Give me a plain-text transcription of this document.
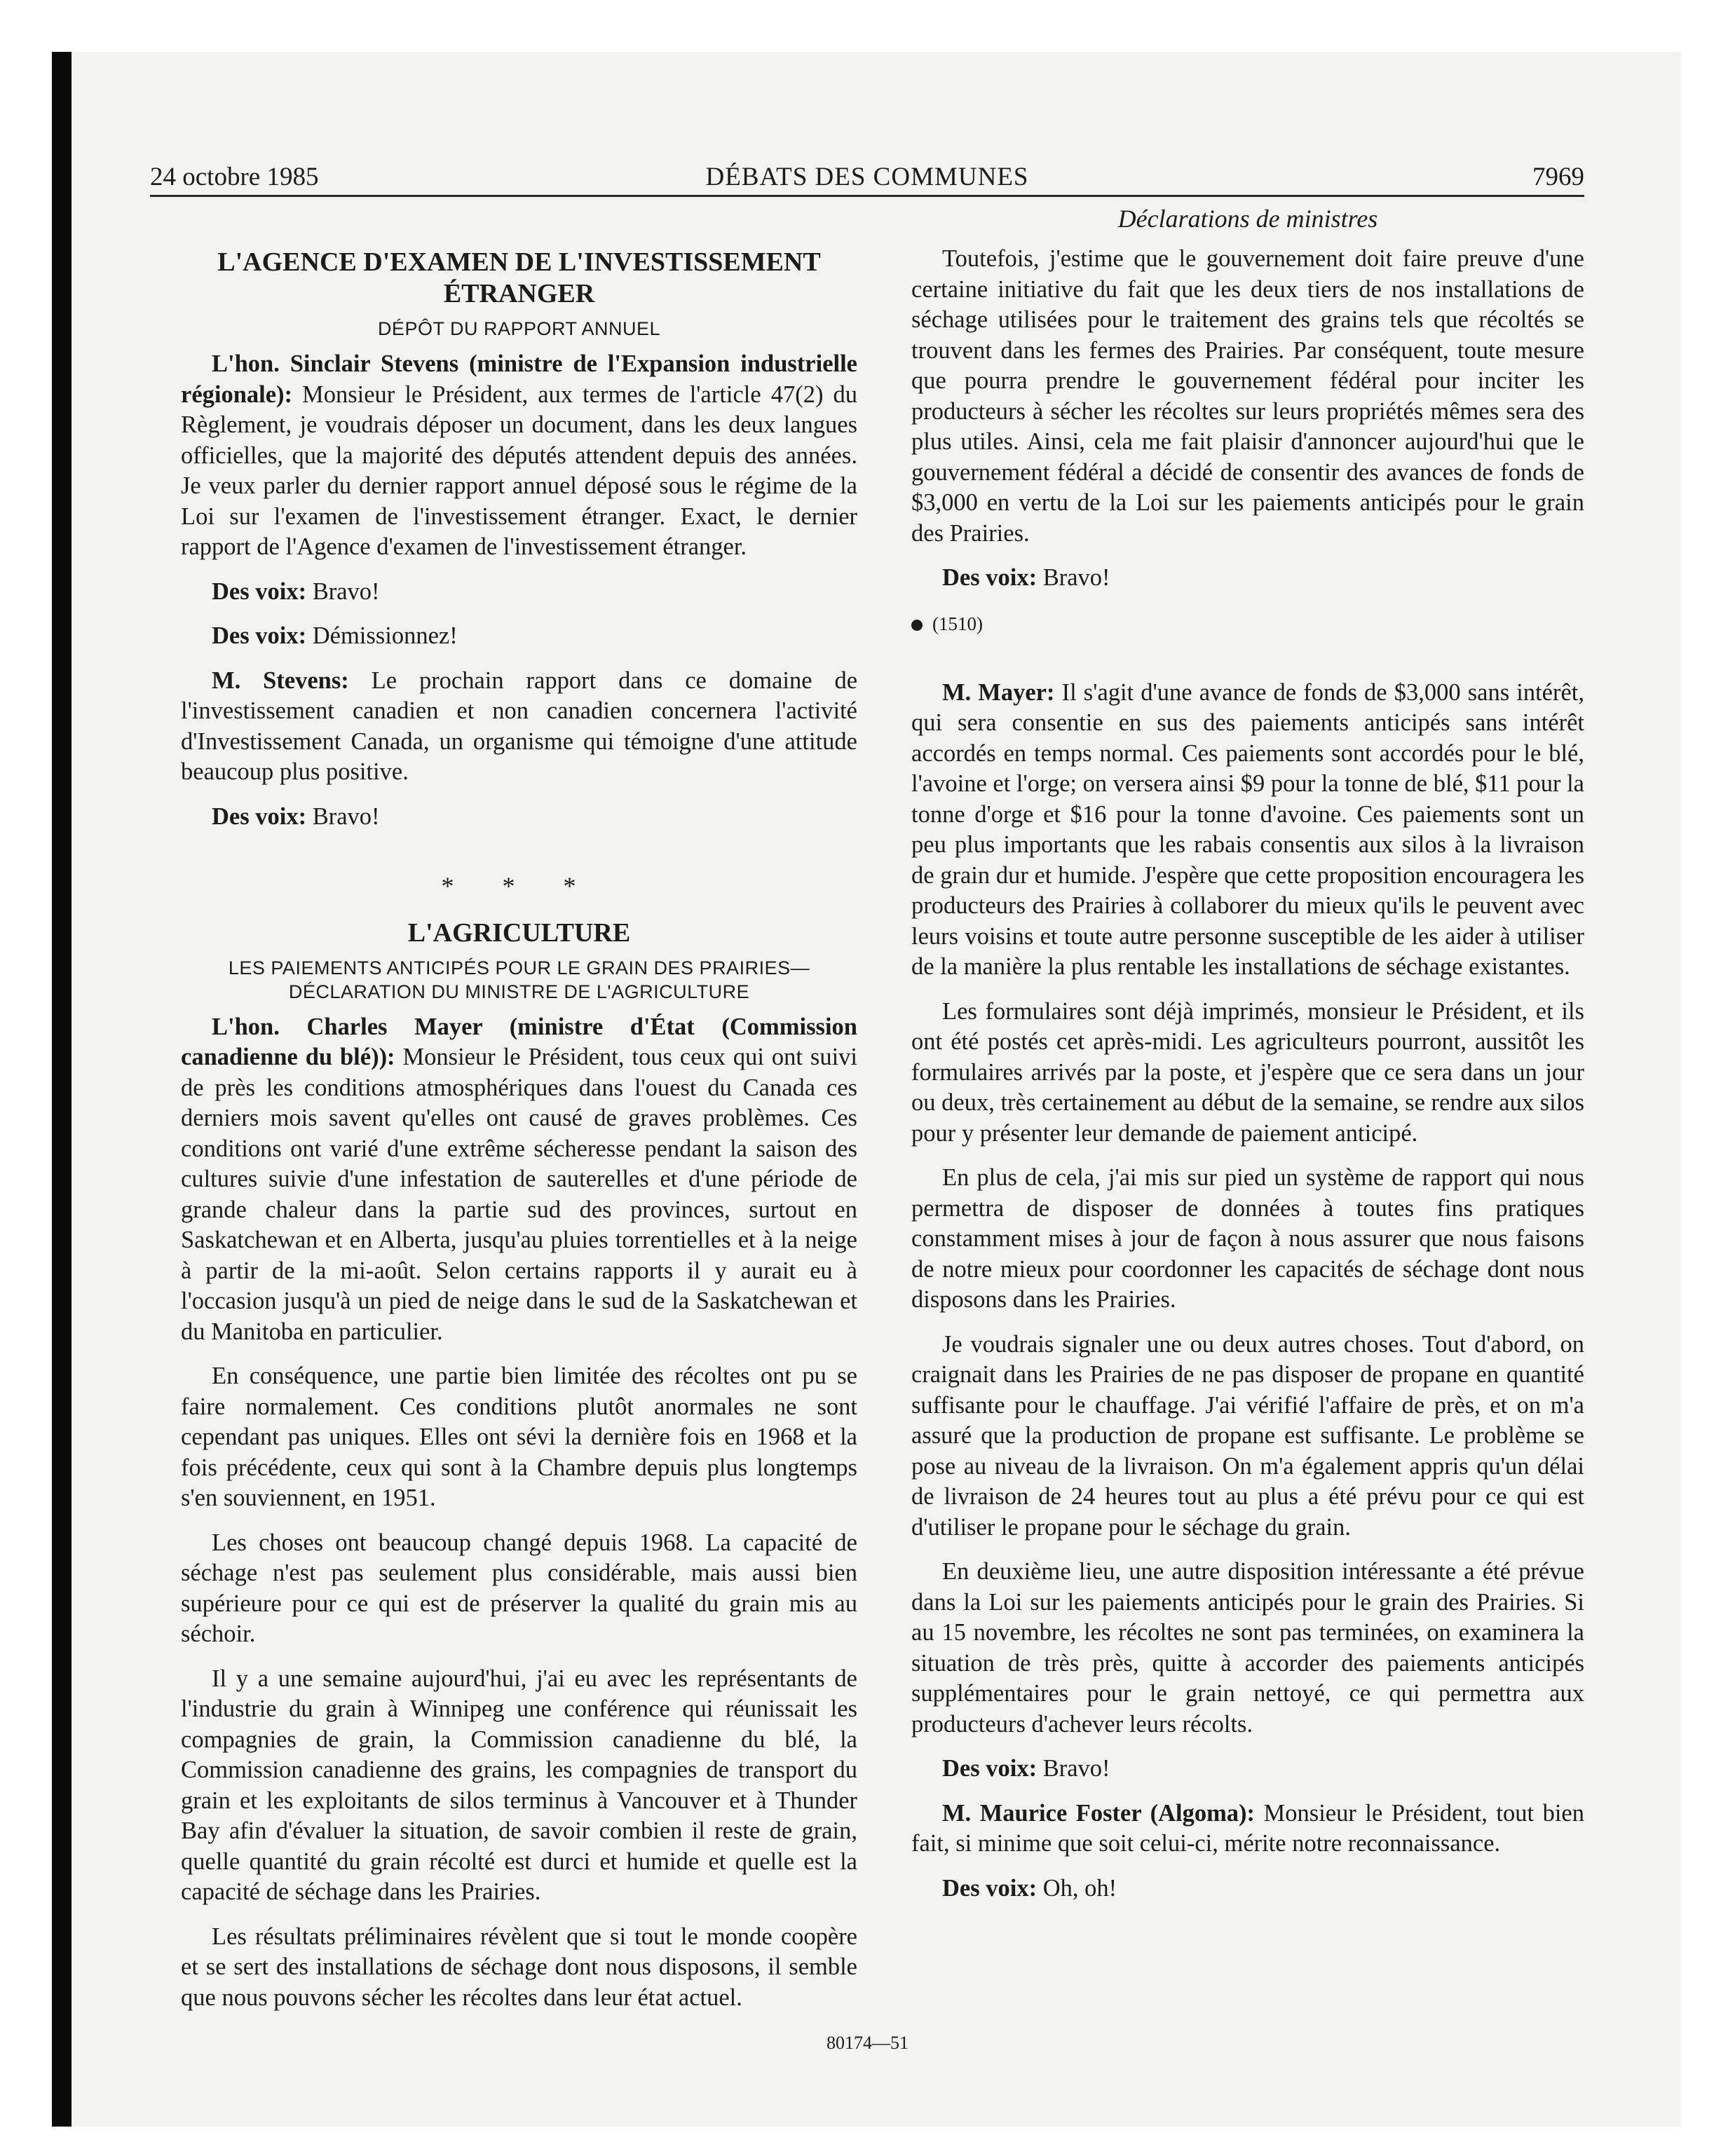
24 octobre 1985	DÉBATS DES COMMUNES	7969
L'AGENCE D'EXAMEN DE L'INVESTISSEMENT ÉTRANGER
DÉPÔT DU RAPPORT ANNUEL

L'hon. Sinclair Stevens (ministre de l'Expansion industrielle régionale): Monsieur le Président, aux termes de l'article 47(2) du Règlement, je voudrais déposer un document, dans les deux langues officielles, que la majorité des députés attendent depuis des années. Je veux parler du dernier rapport annuel déposé sous le régime de la Loi sur l'examen de l'investissement étranger. Exact, le dernier rapport de l'Agence d'examen de l'investissement étranger.

Des voix: Bravo!

Des voix: Démissionnez!

M. Stevens: Le prochain rapport dans ce domaine de l'investissement canadien et non canadien concernera l'activité d'Investissement Canada, un organisme qui témoigne d'une attitude beaucoup plus positive.

Des voix: Bravo!

* * *
L'AGRICULTURE
LES PAIEMENTS ANTICIPÉS POUR LE GRAIN DES PRAIRIES—
DÉCLARATION DU MINISTRE DE L'AGRICULTURE

L'hon. Charles Mayer (ministre d'État (Commission canadienne du blé)): Monsieur le Président, tous ceux qui ont suivi de près les conditions atmosphériques dans l'ouest du Canada ces derniers mois savent qu'elles ont causé de graves problèmes. Ces conditions ont varié d'une extrême sécheresse pendant la saison des cultures suivie d'une infestation de sauterelles et d'une période de grande chaleur dans la partie sud des provinces, surtout en Saskatchewan et en Alberta, jusqu'au pluies torrentielles et à la neige à partir de la mi-août. Selon certains rapports il y aurait eu à l'occasion jusqu'à un pied de neige dans le sud de la Saskatchewan et du Manitoba en particulier.

En conséquence, une partie bien limitée des récoltes ont pu se faire normalement. Ces conditions plutôt anormales ne sont cependant pas uniques. Elles ont sévi la dernière fois en 1968 et la fois précédente, ceux qui sont à la Chambre depuis plus longtemps s'en souviennent, en 1951.

Les choses ont beaucoup changé depuis 1968. La capacité de séchage n'est pas seulement plus considérable, mais aussi bien supérieure pour ce qui est de préserver la qualité du grain mis au séchoir.

Il y a une semaine aujourd'hui, j'ai eu avec les représentants de l'industrie du grain à Winnipeg une conférence qui réunissait les compagnies de grain, la Commission canadienne du blé, la Commission canadienne des grains, les compagnies de transport du grain et les exploitants de silos terminus à Vancouver et à Thunder Bay afin d'évaluer la situation, de savoir combien il reste de grain, quelle quantité du grain récolté est durci et humide et quelle est la capacité de séchage dans les Prairies.

Les résultats préliminaires révèlent que si tout le monde coopère et se sert des installations de séchage dont nous disposons, il semble que nous pouvons sécher les récoltes dans leur état actuel.

Déclarations de ministres

Toutefois, j'estime que le gouvernement doit faire preuve d'une certaine initiative du fait que les deux tiers de nos installations de séchage utilisées pour le traitement des grains tels que récoltés se trouvent dans les fermes des Prairies. Par conséquent, toute mesure que pourra prendre le gouvernement fédéral pour inciter les producteurs à sécher les récoltes sur leurs propriétés mêmes sera des plus utiles. Ainsi, cela me fait plaisir d'annoncer aujourd'hui que le gouvernement fédéral a décidé de consentir des avances de fonds de $3,000 en vertu de la Loi sur les paiements anticipés pour le grain des Prairies.

Des voix: Bravo!

(1510)

M. Mayer: Il s'agit d'une avance de fonds de $3,000 sans intérêt, qui sera consentie en sus des paiements anticipés sans intérêt accordés en temps normal. Ces paiements sont accordés pour le blé, l'avoine et l'orge; on versera ainsi $9 pour la tonne de blé, $11 pour la tonne d'orge et $16 pour la tonne d'avoine. Ces paiements sont un peu plus importants que les rabais consentis aux silos à la livraison de grain dur et humide. J'espère que cette proposition encouragera les producteurs des Prairies à collaborer du mieux qu'ils le peuvent avec leurs voisins et toute autre personne susceptible de les aider à utiliser de la manière la plus rentable les installations de séchage existantes.

Les formulaires sont déjà imprimés, monsieur le Président, et ils ont été postés cet après-midi. Les agriculteurs pourront, aussitôt les formulaires arrivés par la poste, et j'espère que ce sera dans un jour ou deux, très certainement au début de la semaine, se rendre aux silos pour y présenter leur demande de paiement anticipé.

En plus de cela, j'ai mis sur pied un système de rapport qui nous permettra de disposer de données à toutes fins pratiques constamment mises à jour de façon à nous assurer que nous faisons de notre mieux pour coordonner les capacités de séchage dont nous disposons dans les Prairies.

Je voudrais signaler une ou deux autres choses. Tout d'abord, on craignait dans les Prairies de ne pas disposer de propane en quantité suffisante pour le chauffage. J'ai vérifié l'affaire de près, et on m'a assuré que la production de propane est suffisante. Le problème se pose au niveau de la livraison. On m'a également appris qu'un délai de livraison de 24 heures tout au plus a été prévu pour ce qui est d'utiliser le propane pour le séchage du grain.

En deuxième lieu, une autre disposition intéressante a été prévue dans la Loi sur les paiements anticipés pour le grain des Prairies. Si au 15 novembre, les récoltes ne sont pas terminées, on examinera la situation de très près, quitte à accorder des paiements anticipés supplémentaires pour le grain nettoyé, ce qui permettra aux producteurs d'achever leurs récolts.

Des voix: Bravo!

M. Maurice Foster (Algoma): Monsieur le Président, tout bien fait, si minime que soit celui-ci, mérite notre reconnaissance.

Des voix: Oh, oh!

80174—51
